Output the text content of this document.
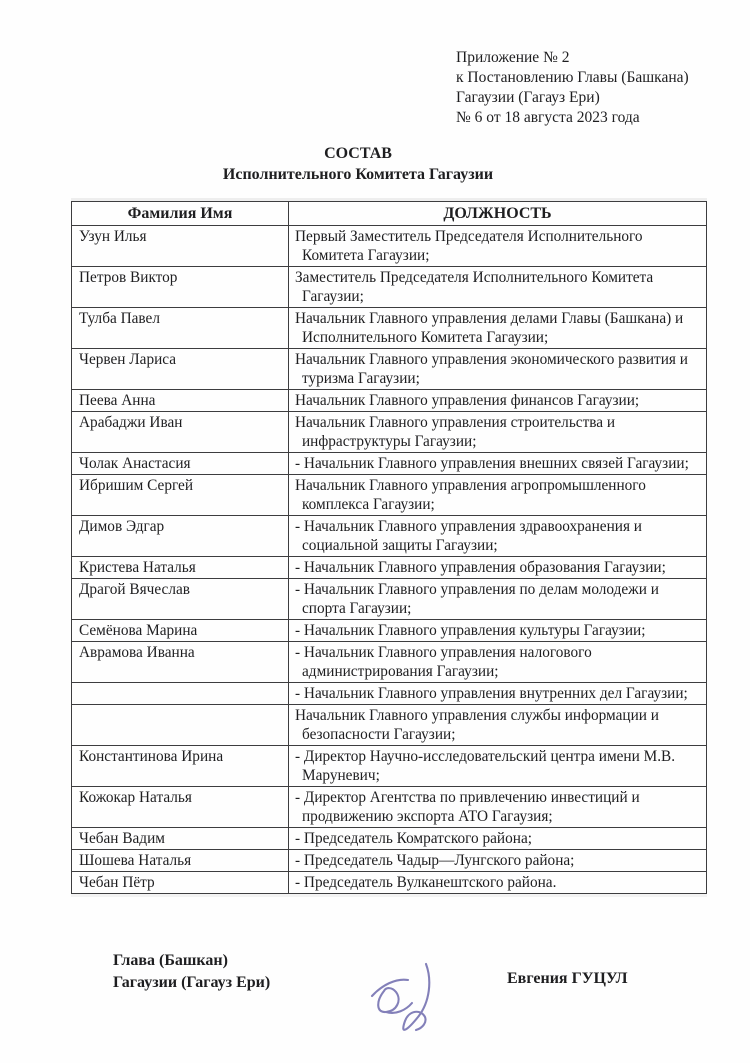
Приложение № 2
к Постановлению Главы (Башкана)
Гагаузии (Гагауз Ери)
№ 6 от 18 августа 2023 года
СОСТАВ
Исполнительного Комитета Гагаузии
Фамилия Имя	ДОЛЖНОСТЬ
Узун Илья	Первый Заместитель Председателя Исполнительного Комитета Гагаузии;
Петров Виктор	Заместитель Председателя Исполнительного Комитета Гагаузии;
Тулба Павел	Начальник Главного управления делами Главы (Башкана) и Исполнительного Комитета Гагаузии;
Червен Лариса	Начальник Главного управления экономического развития и туризма Гагаузии;
Пеева Анна	Начальник Главного управления финансов Гагаузии;
Арабаджи Иван	Начальник Главного управления строительства и инфраструктуры Гагаузии;
Чолак Анастасия	- Начальник Главного управления внешних связей Гагаузии;
Ибришим Сергей	Начальник Главного управления агропромышленного комплекса Гагаузии;
Димов Эдгар	- Начальник Главного управления здравоохранения и социальной защиты Гагаузии;
Кристева Наталья	- Начальник Главного управления образования Гагаузии;
Драгой Вячеслав	- Начальник Главного управления по делам молодежи и спорта Гагаузии;
Семёнова Марина	- Начальник Главного управления культуры Гагаузии;
Аврамова Иванна	- Начальник Главного управления налогового администрирования Гагаузии;
	- Начальник Главного управления внутренних дел Гагаузии;
	Начальник Главного управления службы информации и безопасности Гагаузии;
Константинова Ирина	- Директор Научно-исследовательский центра имени М.В. Маруневич;
Кожокар Наталья	- Директор Агентства по привлечению инвестиций и продвижению экспорта АТО Гагаузия;
Чебан Вадим	- Председатель Комратского района;
Шошева Наталья	- Председатель Чадыр—Лунгского района;
Чебан Пётр	- Председатель Вулканештского района.
Глава (Башкан)
Гагаузии (Гагауз Ери)	Евгения ГУЦУЛ
